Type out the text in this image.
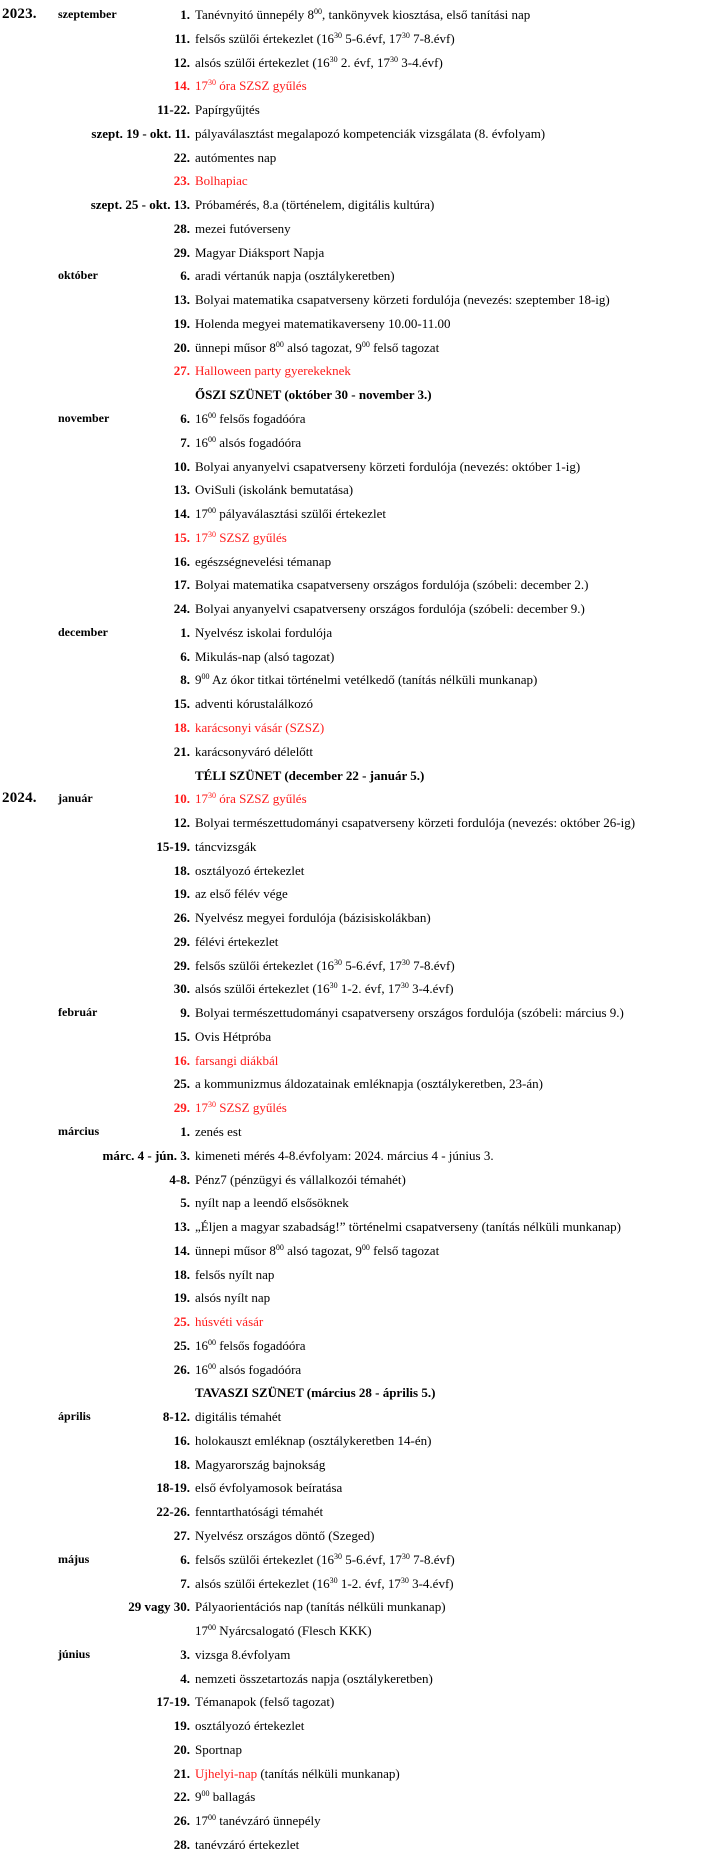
2023.	szeptember	1. Tanévnyitó ünnepély $8^{00}$, tankönyvek kiosztása, első tanítási nap
11. felsős szülői értekezlet ($16^{30}$ 5-6.évf, $17^{30}$ 7-8.évf)
12. alsós szülői értekezlet ($16^{30}$ 2. évf, $17^{30}$ 3-4.évf)
14. $17^{30}$ óra SZSZ gyűlés
11-22. Papírgyűjtés
szept. 19 - okt. 11. pályaválasztást megalapozó kompetenciák vizsgálata (8. évfolyam)
22. autómentes nap
23. Bolhapiac
szept. 25 - okt. 13. Próbamérés, 8.a (történelem, digitális kultúra)
28. mezei futóverseny
29. Magyar Diáksport Napja
október	6. aradi vértanúk napja (osztálykeretben)
13. Bolyai matematika csapatverseny körzeti fordulója (nevezés: szeptember 18-ig)
19. Holenda megyei matematikaverseny 10.00-11.00
20. ünnepi műsor $8^{00}$ alsó tagozat, $9^{00}$ felső tagozat
27. Halloween party gyerekeknek
ŐSZI SZÜNET (október 30 - november 3.)
november	6. $16^{00}$ felsős fogadóóra
7. $16^{00}$ alsós fogadóóra
10. Bolyai anyanyelvi csapatverseny körzeti fordulója (nevezés: október 1-ig)
13. OviSuli (iskolánk bemutatása)
14. $17^{00}$ pályaválasztási szülői értekezlet
15. $17^{30}$ SZSZ gyűlés
16. egészségnevelési témanap
17. Bolyai matematika csapatverseny országos fordulója (szóbeli: december 2.)
24. Bolyai anyanyelvi csapatverseny országos fordulója (szóbeli: december 9.)
december	1. Nyelvész iskolai fordulója
6. Mikulás-nap (alsó tagozat)
8. $9^{00}$ Az ókor titkai történelmi vetélkedő (tanítás nélküli munkanap)
15. adventi kórustalálkozó
18. karácsonyi vásár (SZSZ)
21. karácsonyváró délelőtt
TÉLI SZÜNET (december 22 - január 5.)
2024.	január	10. $17^{30}$ óra SZSZ gyűlés
12. Bolyai természettudományi csapatverseny körzeti fordulója (nevezés: október 26-ig)
15-19. táncvizsgák
18. osztályozó értekezlet
19. az első félév vége
26. Nyelvész megyei fordulója (bázisiskolákban)
29. félévi értekezlet
29. felsős szülői értekezlet ($16^{30}$ 5-6.évf, $17^{30}$ 7-8.évf)
30. alsós szülői értekezlet ($16^{30}$ 1-2. évf, $17^{30}$ 3-4.évf)
február	9. Bolyai természettudományi csapatverseny országos fordulója (szóbeli: március 9.)
15. Ovis Hétpróba
16. farsangi diákbál
25. a kommunizmus áldozatainak emléknapja (osztálykeretben, 23-án)
29. $17^{30}$ SZSZ gyűlés
március	1. zenés est
márc. 4 - jún. 3. kimeneti mérés 4-8.évfolyam: 2024. március 4 - június 3.
4-8. Pénz7 (pénzügyi és vállalkozói témahét)
5. nyílt nap a leendő elsősöknek
13. „Éljen a magyar szabadság!” történelmi csapatverseny (tanítás nélküli munkanap)
14. ünnepi műsor $8^{00}$ alsó tagozat, $9^{00}$ felső tagozat
18. felsős nyílt nap
19. alsós nyílt nap
25. húsvéti vásár
25. $16^{00}$ felsős fogadóóra
26. $16^{00}$ alsós fogadóóra
TAVASZI SZÜNET (március 28 - április 5.)
április	8-12. digitális témahét
16. holokauszt emléknap (osztálykeretben 14-én)
18. Magyarország bajnokság
18-19. első évfolyamosok beíratása
22-26. fenntarthatósági témahét
27. Nyelvész országos döntő (Szeged)
május	6. felsős szülői értekezlet ($16^{30}$ 5-6.évf, $17^{30}$ 7-8.évf)
7. alsós szülői értekezlet ($16^{30}$ 1-2. évf, $17^{30}$ 3-4.évf)
29 vagy 30. Pályaorientációs nap (tanítás nélküli munkanap)
$17^{00}$ Nyárcsalogató (Flesch KKK)
június	3. vizsga 8.évfolyam
4. nemzeti összetartozás napja (osztálykeretben)
17-19. Témanapok (felső tagozat)
19. osztályozó értekezlet
20. Sportnap
21. Ujhelyi-nap (tanítás nélküli munkanap)
22. $9^{00}$ ballagás
26. $17^{00}$ tanévzáró ünnepély
28. tanévzáró értekezlet
